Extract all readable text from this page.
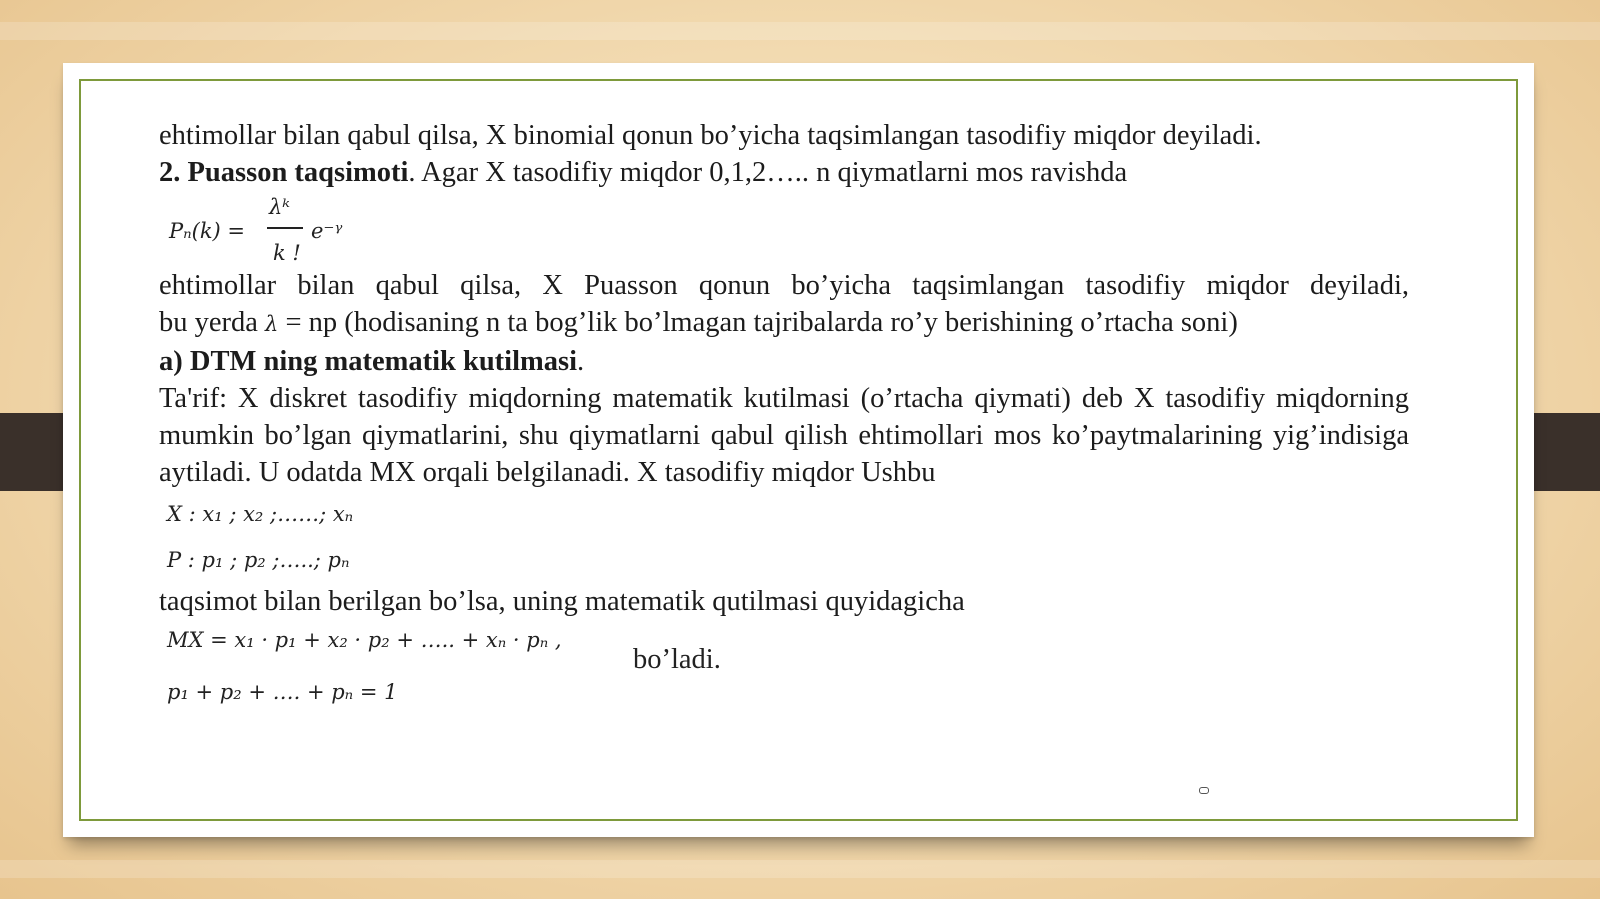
ehtimollar bilan qabul qilsa, X binomial qonun bo’yicha taqsimlangan tasodifiy miqdor deyiladi.

2. Puasson taqsimoti. Agar X tasodifiy miqdor 0,1,2….. n qiymatlarni mos ravishda

Pₙ(k) =
λᵏ
k !
e⁻ᵞ

ehtimollar bilan qabul qilsa, X Puasson qonun bo’yicha taqsimlangan tasodifiy miqdor deyiladi,

bu yerda λ = np (hodisaning n ta bog’lik bo’lmagan tajribalarda ro’y berishining o’rtacha soni)

a) DTM ning matematik kutilmasi.

Ta'rif: X diskret tasodifiy miqdorning matematik kutilmasi (o’rtacha qiymati) deb X tasodifiy miqdorning mumkin bo’lgan qiymatlarini, shu qiymatlarni qabul qilish ehtimollari mos ko’paytmalarining yig’indisiga aytiladi. U odatda MX orqali belgilanadi. X tasodifiy miqdor Ushbu

X : x₁ ; x₂ ;……; xₙ
P : p₁ ; p₂ ;…..; pₙ

taqsimot bilan berilgan bo’lsa, uning matematik qutilmasi quyidagicha

MX = x₁ · p₁ + x₂ · p₂ + ….. + xₙ · pₙ ,
p₁ + p₂ + …. + pₙ = 1
bo’ladi.
